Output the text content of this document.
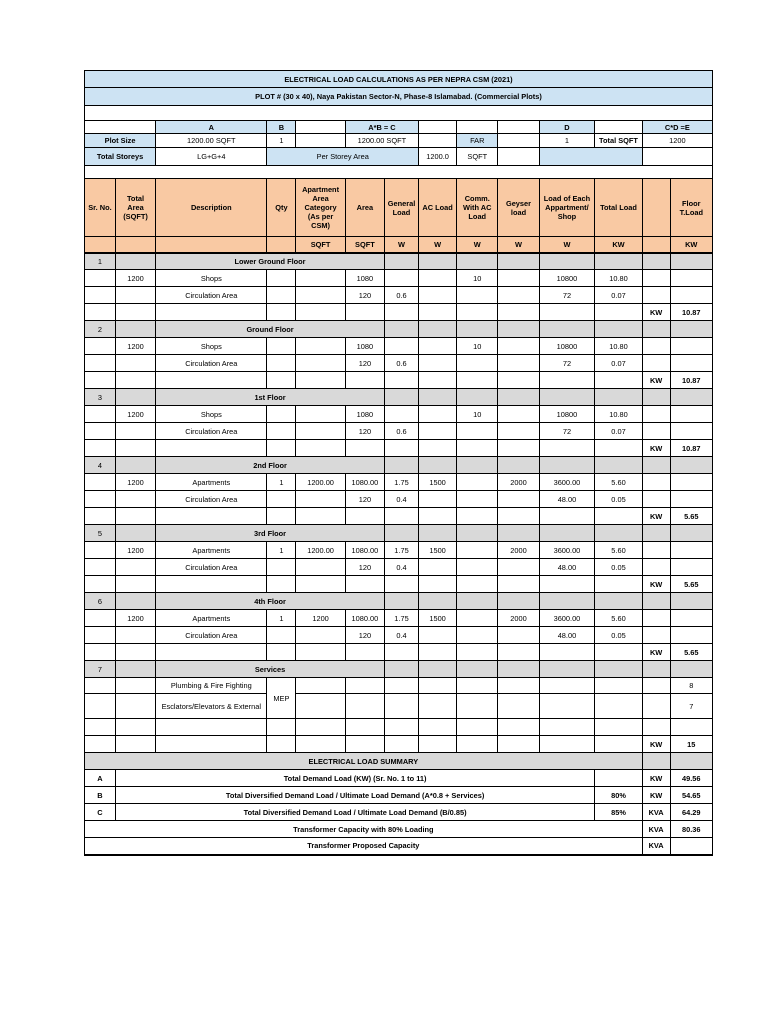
ELECTRICAL LOAD CALCULATIONS AS PER NEPRA CSM (2021)													
PLOT # (30 x 40), Naya Pakistan Sector-N, Phase-8 Islamabad. (Commercial Plots)													

		A	B		A*B = C					D		C*D =E	
Plot Size		1200.00 SQFT	1		1200.00 SQFT			FAR		1	Total SQFT	1200	
Total Storeys		LG+G+4	Per Storey Area				1200.0	SQFT					

Sr. No.	Total Area (SQFT)	Description	Qty	Apartment Area Category (As per CSM)	Area	General Load	AC Load	Comm. With AC Load	Geyser load	Load of Each Appartment/ Shop	Total Load		Floor T.Load
				SQFT	SQFT	W	W	W	W	W	KW		KW
1		Lower Ground Floor											
	1200	Shops			1080			10		10800	10.80		
		Circulation Area			120	0.6				72	0.07		
												KW	10.87
2		Ground Floor											
	1200	Shops			1080			10		10800	10.80		
		Circulation Area			120	0.6				72	0.07		
												KW	10.87
3		1st Floor											
	1200	Shops			1080			10		10800	10.80		
		Circulation Area			120	0.6				72	0.07		
												KW	10.87
4		2nd Floor											
	1200	Apartments	1	1200.00	1080.00	1.75	1500		2000	3600.00	5.60		
		Circulation Area			120	0.4				48.00	0.05		
												KW	5.65
5		3rd Floor											
	1200	Apartments	1	1200.00	1080.00	1.75	1500		2000	3600.00	5.60		
		Circulation Area			120	0.4				48.00	0.05		
												KW	5.65
6		4th Floor											
	1200	Apartments	1	1200	1080.00	1.75	1500		2000	3600.00	5.60		
		Circulation Area			120	0.4				48.00	0.05		
												KW	5.65
7		Services											
		Plumbing & Fire Fighting	MEP										8
		Esclators/Elevators & External											7

												KW	15
ELECTRICAL LOAD SUMMARY													
A	Total Demand Load (KW) (Sr. No. 1 to 11)											KW	49.56
B	Total Diversified Demand Load / Ultimate Load Demand (A*0.8 + Services)										80%	KW	54.65
C	Total Diversified Demand Load / Ultimate Load Demand (B/0.85)										85%	KVA	64.29
Transformer Capacity with 80% Loading												KVA	80.36
Transformer Proposed Capacity												KVA	
